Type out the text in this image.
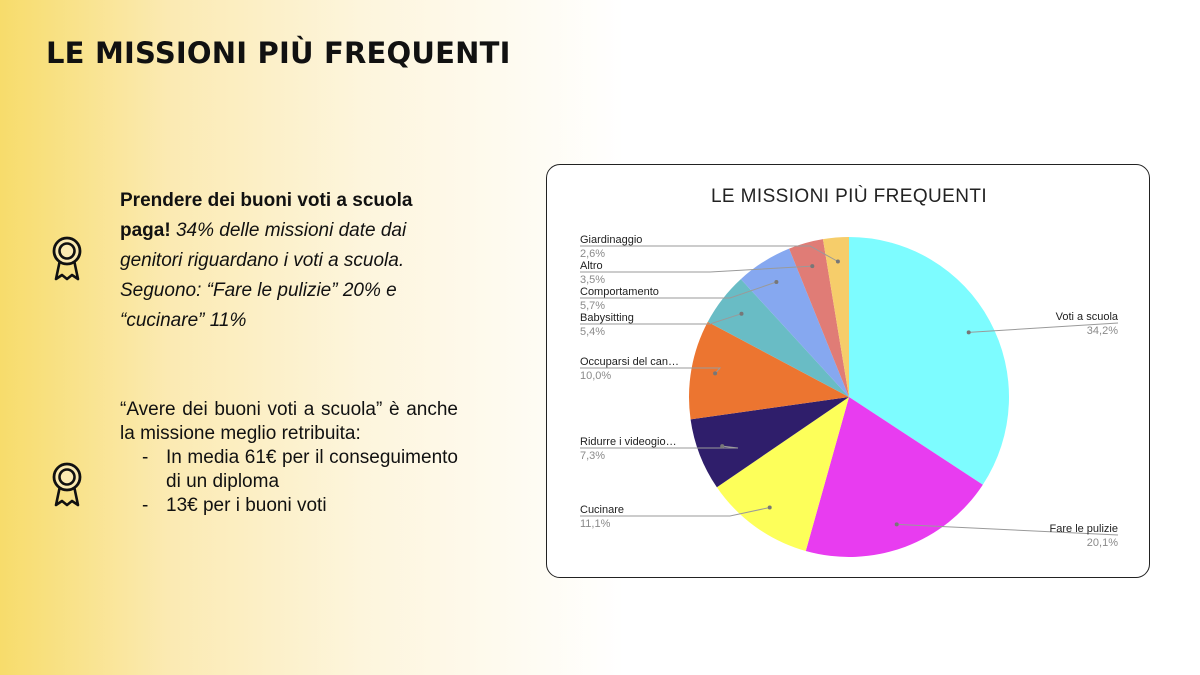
LE MISSIONI PIÙ FREQUENTI
Prendere dei buoni voti a scuola paga! 34% delle missioni date dai genitori riguardano i voti a scuola. Seguono: “Fare le pulizie” 20% e “cucinare” 11%
“Avere dei buoni voti a scuola” è anche la missione meglio retribuita:
- In media 61€ per il conseguimento di un diploma
- 13€ per i buoni voti
LE MISSIONI PIÙ FREQUENTI
Voti a scuola
34,2%
Fare le pulizie
20,1%
Cucinare
11,1%
Ridurre i videogio…
7,3%
Occuparsi del can…
10,0%
Babysitting
5,4%
Comportamento
5,7%
Altro
3,5%
Giardinaggio
2,6%
